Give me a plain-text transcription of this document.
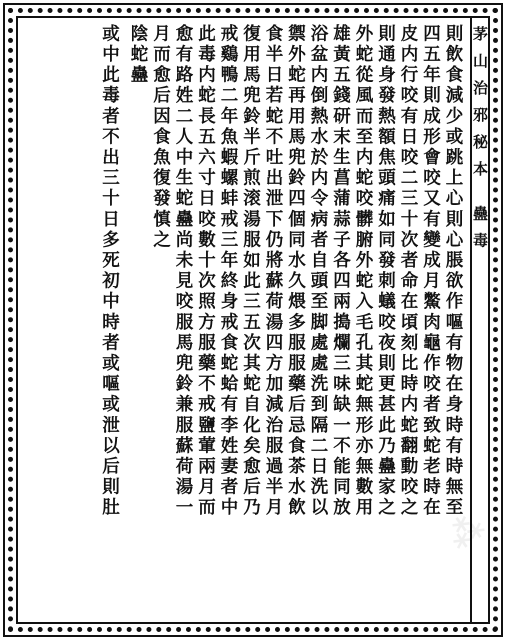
茅山治邪秘本 蠱毒
則飲食減少或跳上心則心脹欲作嘔有物在身時有時無至
四五年則成形會咬又有變成月鱉肉龜作咬者致蛇老時在
皮内行咬有日咬二三十次者命在頃刻比時内蛇翻動咬之
則通身發熱額焦頭痛如同發刺蟻咬夜則更甚此乃蠱家之
外蛇從風而至内蛇咬髒腑外蛇入毛孔其蛇無形亦無數用
雄黃五錢研末生菖蒲蒜子各四兩搗爛三味缺一不能同放
浴盆内倒熱水於内令病者自頭至脚處處洗到隔二日洗以
禦外蛇再用馬兜鈴四個同水久煨多服服藥后忌食茶水飲
食半日若蛇不吐出泄下仍將蘇荷湯四方加減治服過半月
復用馬兜鈴半斤煎滚湯服如此三五次其蛇自化矣愈后乃
戒鷄鴨二年魚蝦螺蚌戒三年終身戒食蛇蛤有李姓妻者中
此毒内蛇長五六寸日咬數十次照方服藥不戒鹽葷兩月而
愈有路姓二人中生蛇蠱尚未見咬服馬兜鈴兼服蘇荷湯一
月而愈后因食魚復發慎之
陰蛇蠱
或中此毒者不出三十日多死初中時者或嘔或泄以后則肚
⁂
